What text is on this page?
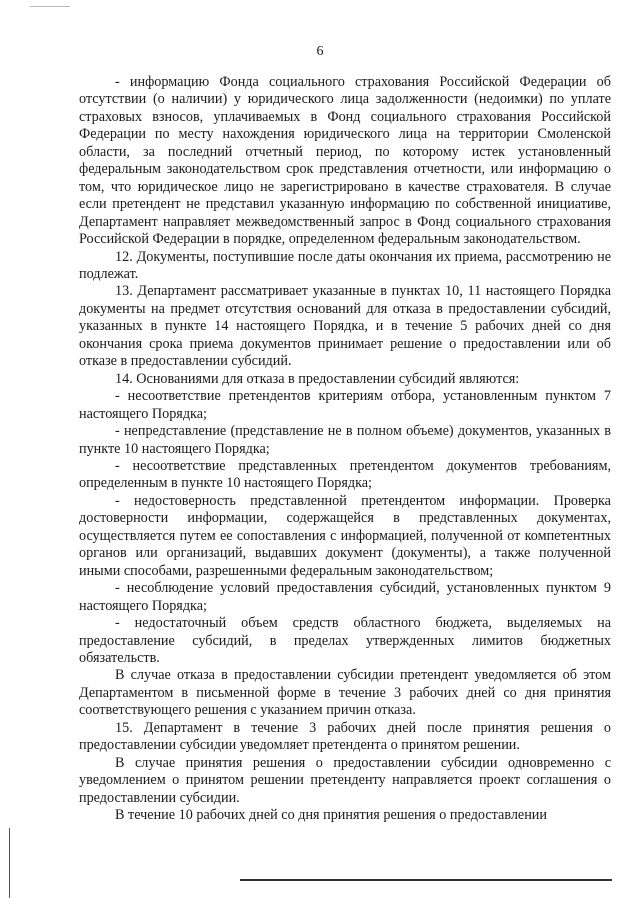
6

- информацию Фонда социального страхования Российской Федерации об отсутствии (о наличии) у юридического лица задолженности (недоимки) по уплате страховых взносов, уплачиваемых в Фонд социального страхования Российской Федерации по месту нахождения юридического лица на территории Смоленской области, за последний отчетный период, по которому истек установленный федеральным законодательством срок представления отчетности, или информацию о том, что юридическое лицо не зарегистрировано в качестве страхователя. В случае если претендент не представил указанную информацию по собственной инициативе, Департамент направляет межведомственный запрос в Фонд социального страхования Российской Федерации в порядке, определенном федеральным законодательством.

12. Документы, поступившие после даты окончания их приема, рассмотрению не подлежат.

13. Департамент рассматривает указанные в пунктах 10, 11 настоящего Порядка документы на предмет отсутствия оснований для отказа в предоставлении субсидий, указанных в пункте 14 настоящего Порядка, и в течение 5 рабочих дней со дня окончания срока приема документов принимает решение о предоставлении или об отказе в предоставлении субсидий.

14. Основаниями для отказа в предоставлении субсидий являются:

- несоответствие претендентов критериям отбора, установленным пунктом 7 настоящего Порядка;

- непредставление (представление не в полном объеме) документов, указанных в пункте 10 настоящего Порядка;

- несоответствие представленных претендентом документов требованиям, определенным в пункте 10 настоящего Порядка;

- недостоверность представленной претендентом информации. Проверка достоверности информации, содержащейся в представленных документах, осуществляется путем ее сопоставления с информацией, полученной от компетентных органов или организаций, выдавших документ (документы), а также полученной иными способами, разрешенными федеральным законодательством;

- несоблюдение условий предоставления субсидий, установленных пунктом 9 настоящего Порядка;

- недостаточный объем средств областного бюджета, выделяемых на предоставление субсидий, в пределах утвержденных лимитов бюджетных обязательств.

В случае отказа в предоставлении субсидии претендент уведомляется об этом Департаментом в письменной форме в течение 3 рабочих дней со дня принятия соответствующего решения с указанием причин отказа.

15. Департамент в течение 3 рабочих дней после принятия решения о предоставлении субсидии уведомляет претендента о принятом решении.

В случае принятия решения о предоставлении субсидии одновременно с уведомлением о принятом решении претенденту направляется проект соглашения о предоставлении субсидии.

В течение 10 рабочих дней со дня принятия решения о предоставлении
